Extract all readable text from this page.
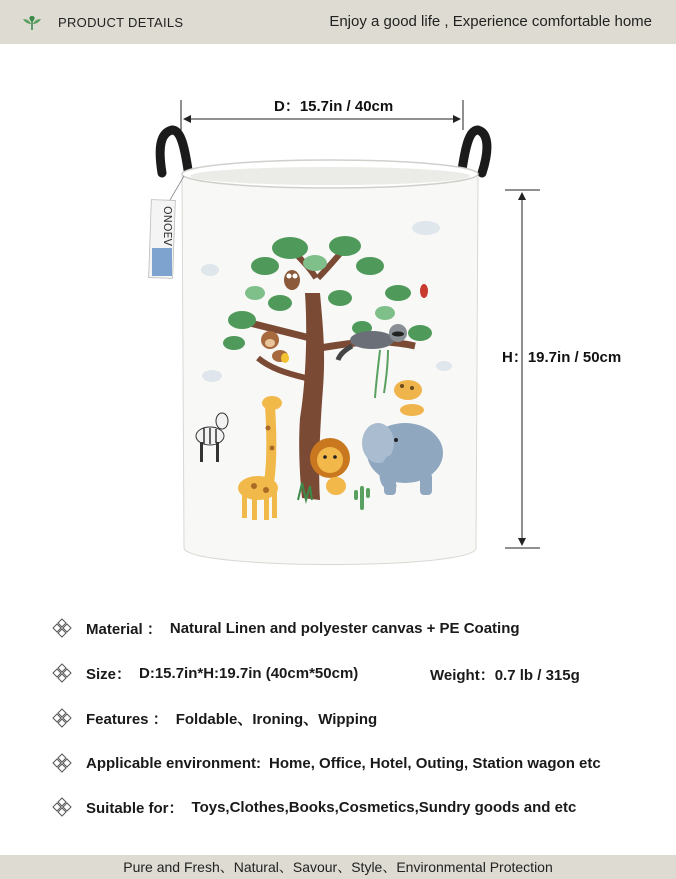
PRODUCT DETAILS	Enjoy a good life , Experience comfortable home
D：15.7in / 40cm
H：19.7in / 50cm
ONOEV
Material ： Natural Linen and polyester canvas + PE Coating
Size： D:15.7in*H:19.7in (40cm*50cm)	Weight：0.7 lb / 315g
Features ： Foldable、Ironing、Wipping
Applicable environment: Home, Office, Hotel, Outing, Station wagon etc
Suitable for： Toys,Clothes,Books,Cosmetics,Sundry goods and etc
Pure and Fresh、Natural、Savour、Style、Environmental Protection
